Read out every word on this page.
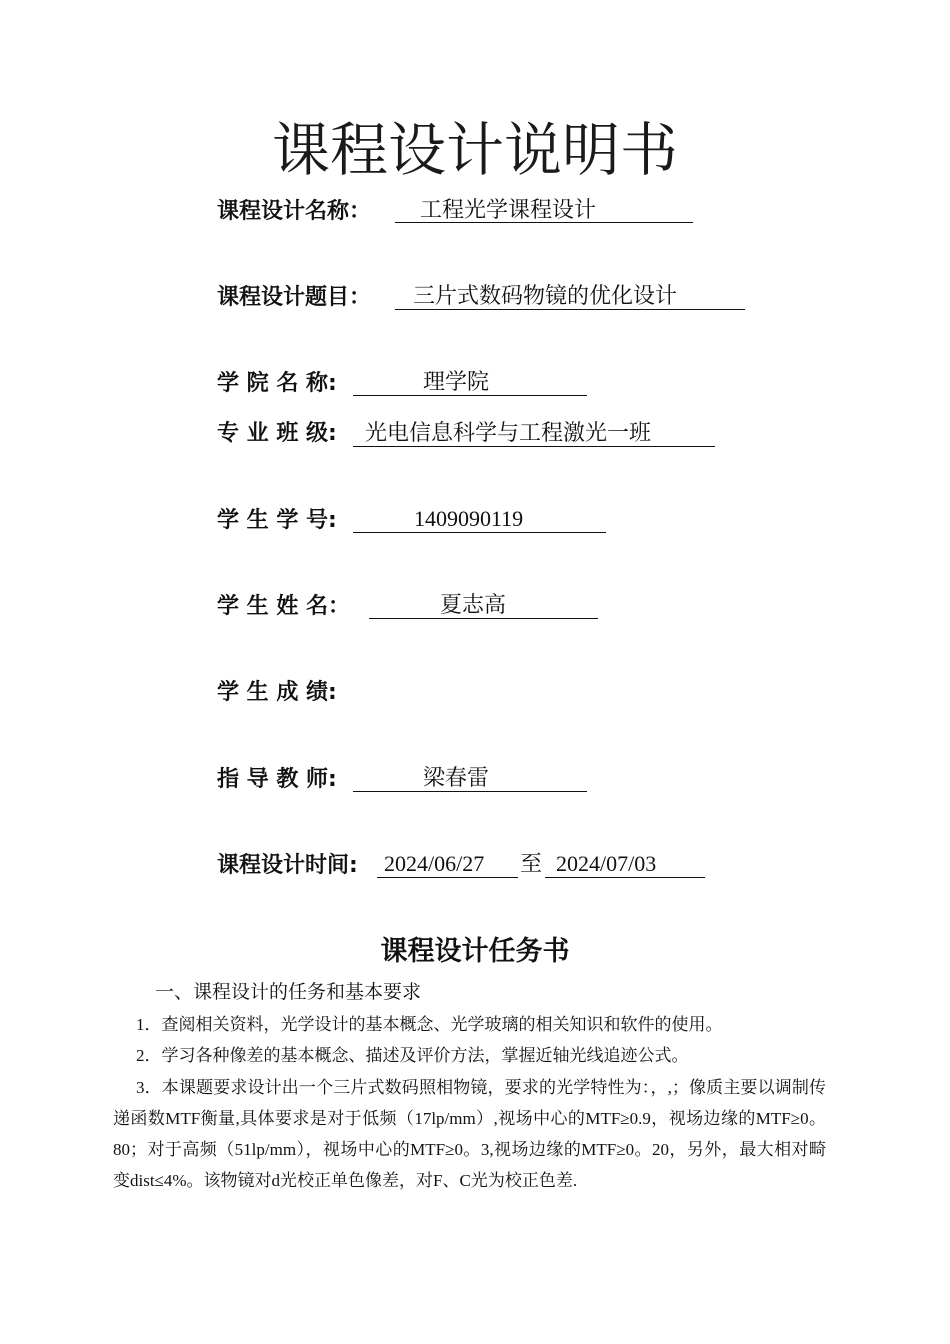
课程设计说明书
课程设计名称： 工程光学课程设计
课程设计题目： 三片式数码物镜的优化设计
学 院 名 称:	理学院
专 业 班 级: 光电信息科学与工程激光一班
学 生 学 号:	1409090119
学 生 姓 名：	夏志高
学 生 成 绩:
指 导 教 师:	梁春雷
课程设计时间: 2024/06/27 至 2024/07/03
课程设计任务书
一、课程设计的任务和基本要求
1．查阅相关资料，光学设计的基本概念、光学玻璃的相关知识和软件的使用。
2．学习各种像差的基本概念、描述及评价方法，掌握近轴光线追迹公式。
3．本课题要求设计出一个三片式数码照相物镜，要求的光学特性为：，,；像质主要以调制传递函数MTF衡量,具体要求是对于低频（17lp/mm）,视场中心的MTF≥0.9，视场边缘的MTF≥0。80；对于高频（51lp/mm），视场中心的MTF≥0。3,视场边缘的MTF≥0。20，另外，最大相对畸变dist≤4%。该物镜对d光校正单色像差，对F、C光为校正色差.
